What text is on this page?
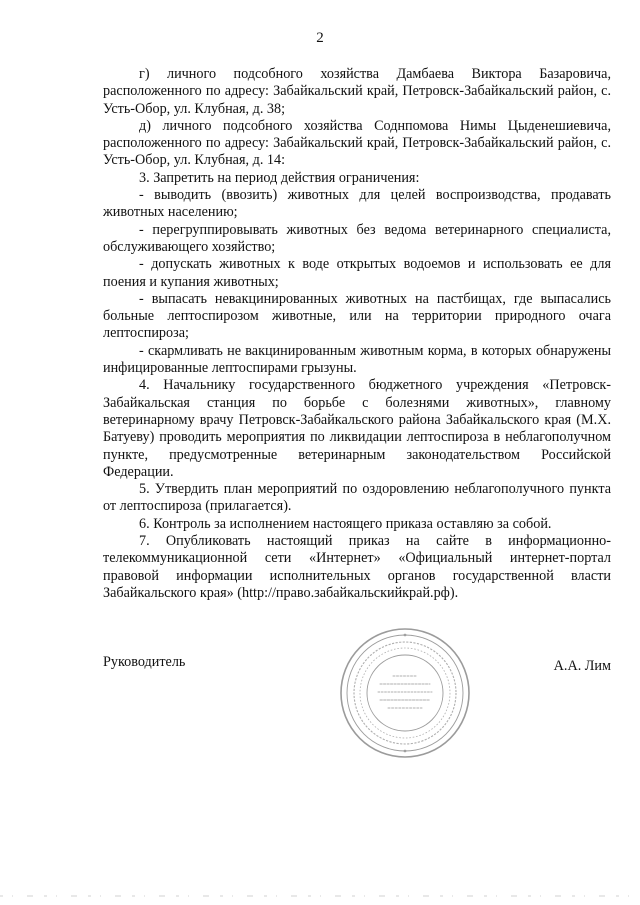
2

г) личного подсобного хозяйства Дамбаева Виктора Базаровича, расположенного по адресу: Забайкальский край, Петровск-Забайкальский район, с. Усть-Обор, ул. Клубная, д. 38;

д) личного подсобного хозяйства Соднпомова Нимы Цыденешиевича, расположенного по адресу: Забайкальский край, Петровск-Забайкальский район, с. Усть-Обор, ул. Клубная, д. 14:

3. Запретить на период действия ограничения:

- выводить (ввозить) животных для целей воспроизводства, продавать животных населению;

- перегруппировывать животных без ведома ветеринарного специалиста, обслуживающего хозяйство;

- допускать животных к воде открытых водоемов и использовать ее для поения и купания животных;

- выпасать невакцинированных животных на пастбищах, где выпасались больные лептоспирозом животные, или на территории природного очага лептоспироза;

- скармливать не вакцинированным животным корма, в которых обнаружены инфицированные лептоспирами грызуны.

4. Начальнику государственного бюджетного учреждения «Петровск-Забайкальская станция по борьбе с болезнями животных», главному ветеринарному врачу Петровск-Забайкальского района Забайкальского края (М.Х. Батуеву) проводить мероприятия по ликвидации лептоспироза в неблагополучном пункте, предусмотренные ветеринарным законодательством Российской Федерации.

5. Утвердить план мероприятий по оздоровлению неблагополучного пункта от лептоспироза (прилагается).

6. Контроль за исполнением настоящего приказа оставляю за собой.

7. Опубликовать настоящий приказ на сайте в информационно-телекоммуникационной сети «Интернет» «Официальный интернет-портал правовой информации исполнительных органов государственной власти Забайкальского края» (http://право.забайкальскийкрай.рф).

Руководитель	А.А. Лим
